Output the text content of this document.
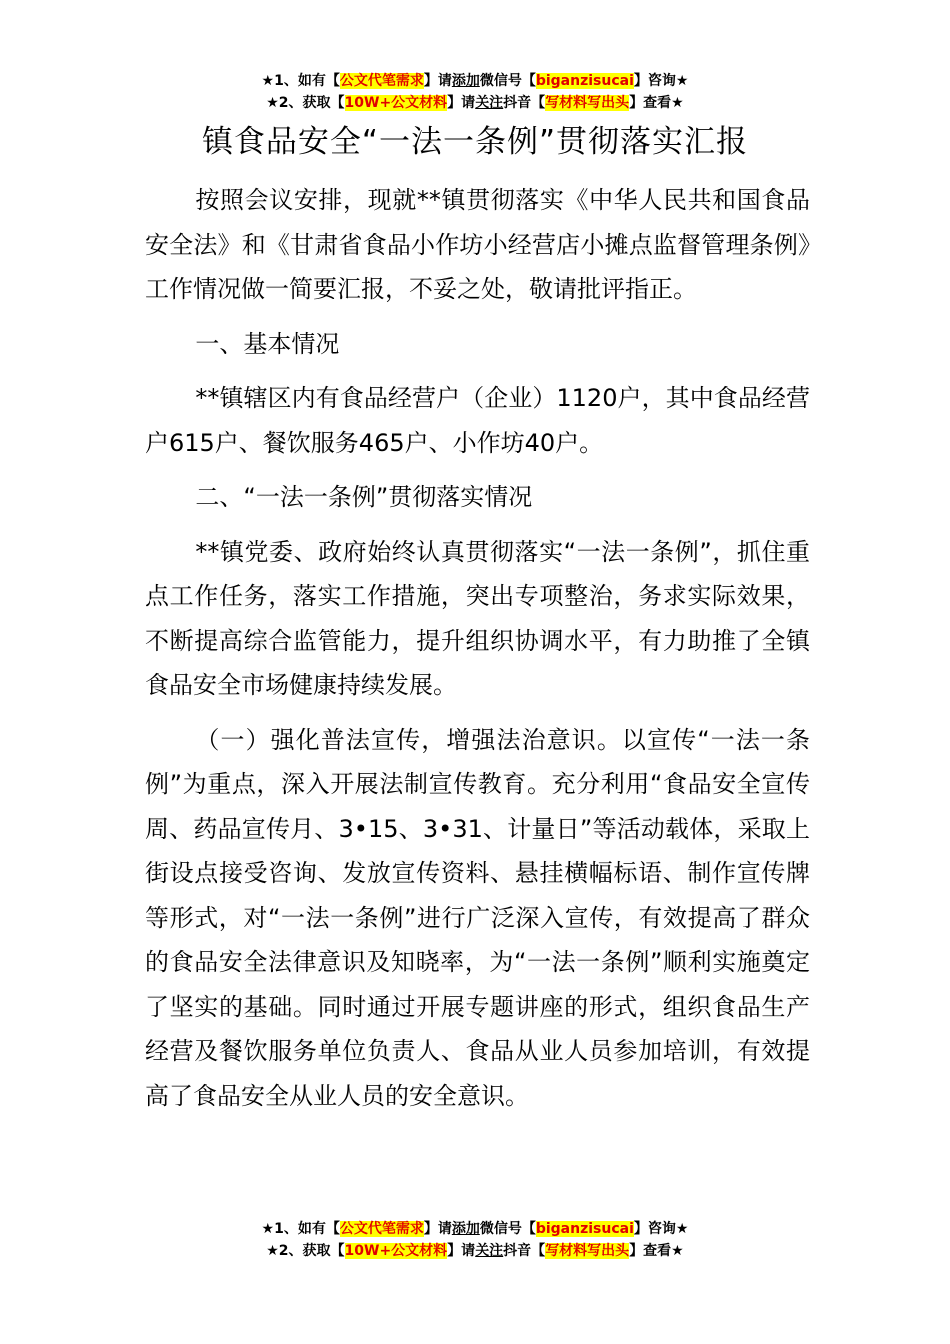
★1、如有【公文代笔需求】请添加微信号【biganzisucai】咨询★
★2、获取【10W+公文材料】请关注抖音【写材料写出头】查看★
镇食品安全“一法一条例”贯彻落实汇报

按照会议安排，现就**镇贯彻落实《中华人民共和国食品安全法》和《甘肃省食品小作坊小经营店小摊点监督管理条例》工作情况做一简要汇报，不妥之处，敬请批评指正。

一、基本情况

**镇辖区内有食品经营户（企业）1120户，其中食品经营户615户、餐饮服务465户、小作坊40户。

二、“一法一条例”贯彻落实情况

**镇党委、政府始终认真贯彻落实“一法一条例”，抓住重点工作任务，落实工作措施，突出专项整治，务求实际效果，不断提高综合监管能力，提升组织协调水平，有力助推了全镇食品安全市场健康持续发展。

（一）强化普法宣传，增强法治意识。以宣传“一法一条例”为重点，深入开展法制宣传教育。充分利用“食品安全宣传周、药品宣传月、3•15、3•31、计量日”等活动载体，采取上街设点接受咨询、发放宣传资料、悬挂横幅标语、制作宣传牌等形式，对“一法一条例”进行广泛深入宣传，有效提高了群众的食品安全法律意识及知晓率，为“一法一条例”顺利实施奠定了坚实的基础。同时通过开展专题讲座的形式，组织食品生产经营及餐饮服务单位负责人、食品从业人员参加培训，有效提高了食品安全从业人员的安全意识。

★1、如有【公文代笔需求】请添加微信号【biganzisucai】咨询★
★2、获取【10W+公文材料】请关注抖音【写材料写出头】查看★
